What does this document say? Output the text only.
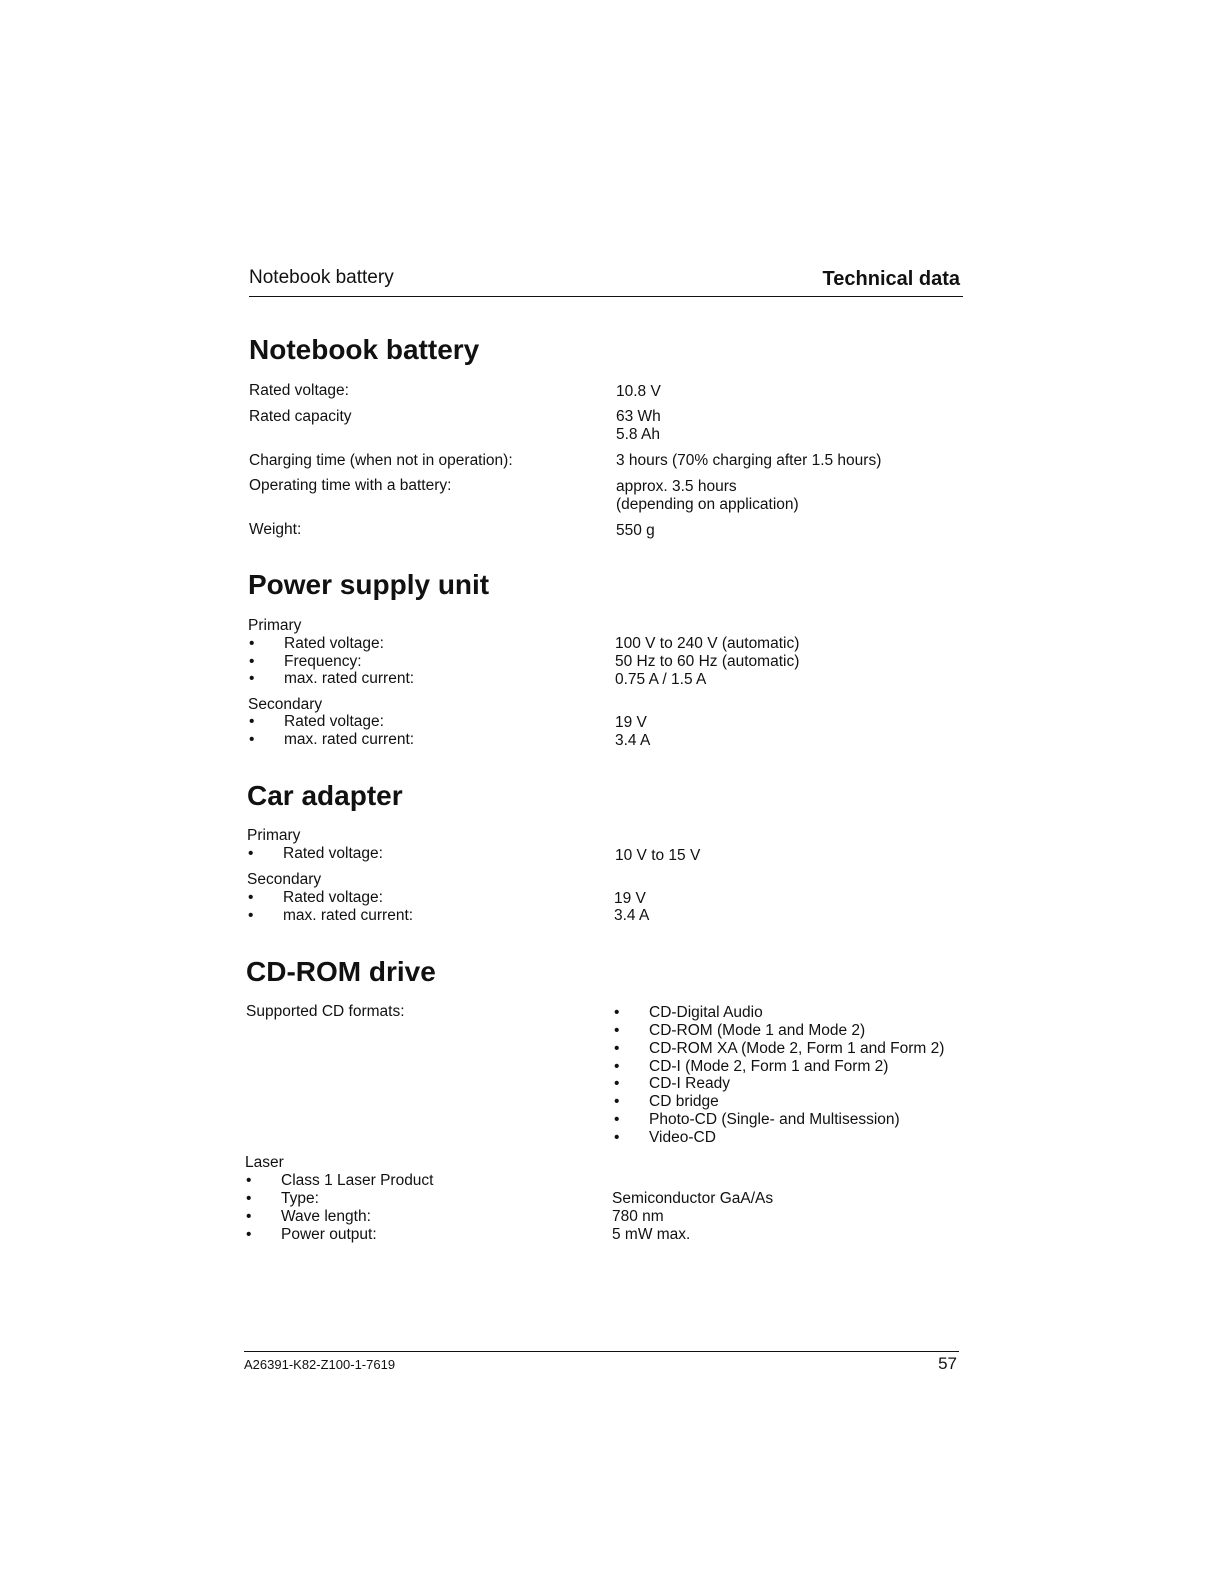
Notebook battery	Technical data
Notebook battery
Rated voltage:	10.8 V
Rated capacity	63 Wh
5.8 Ah
Charging time (when not in operation):	3 hours (70% charging after 1.5 hours)
Operating time with a battery:	approx. 3.5 hours
(depending on application)
Weight:	550 g
Power supply unit
Primary
•	Rated voltage:	100 V to 240 V (automatic)
•	Frequency:	50 Hz to 60 Hz (automatic)
•	max. rated current:	0.75 A / 1.5 A
Secondary
•	Rated voltage:	19 V
•	max. rated current:	3.4 A
Car adapter
Primary
•	Rated voltage:	10 V to 15 V
Secondary
•	Rated voltage:	19 V
•	max. rated current:	3.4 A
CD-ROM drive
Supported CD formats:	•	CD-Digital Audio
•	CD-ROM (Mode 1 and Mode 2)
•	CD-ROM XA (Mode 2, Form 1 and Form 2)
•	CD-I (Mode 2, Form 1 and Form 2)
•	CD-I Ready
•	CD bridge
•	Photo-CD (Single- and Multisession)
•	Video-CD
Laser
•	Class 1 Laser Product
•	Type:	Semiconductor GaA/As
•	Wave length:	780 nm
•	Power output:	5 mW max.
A26391-K82-Z100-1-7619	57
